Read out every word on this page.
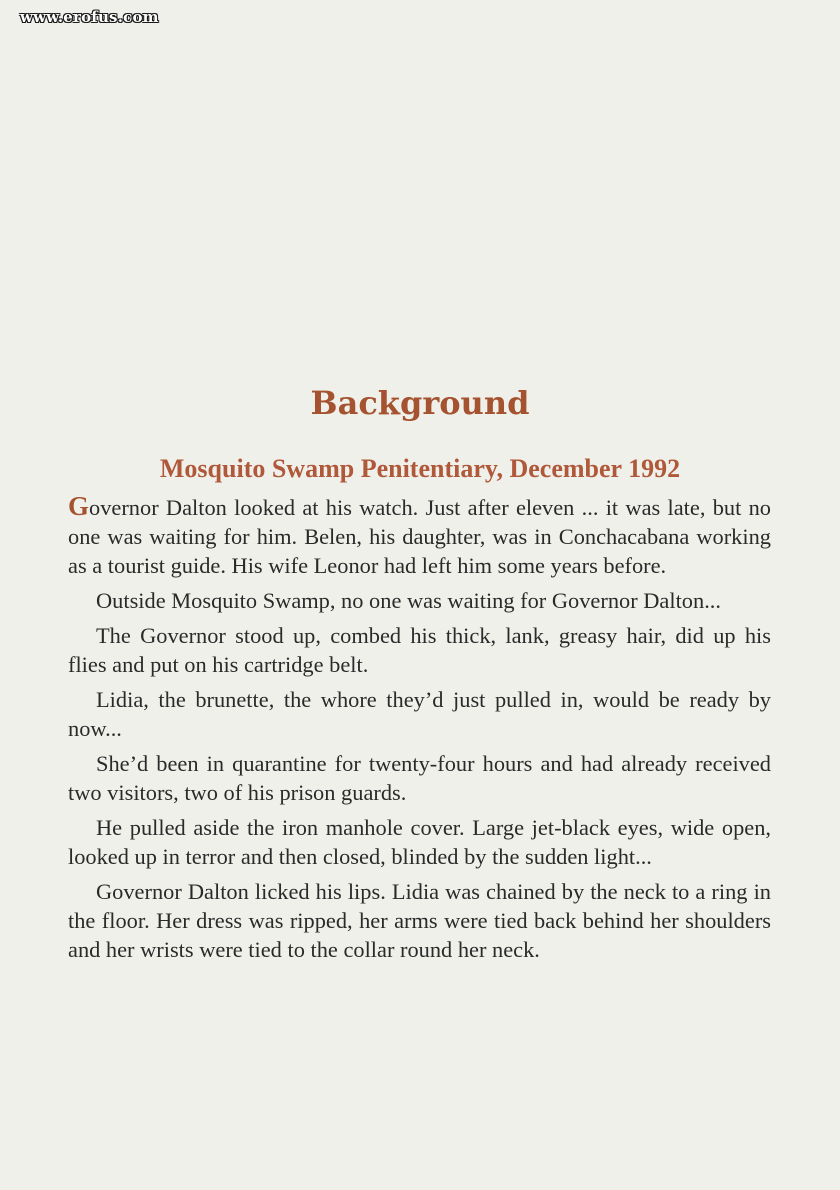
www.erofus.com
Background
Mosquito Swamp Penitentiary, December 1992

Governor Dalton looked at his watch. Just after eleven ... it was late, but no one was waiting for him. Belen, his daughter, was in Conchacabana working as a tourist guide. His wife Leonor had left him some years before.

Outside Mosquito Swamp, no one was waiting for Governor Dalton...

The Governor stood up, combed his thick, lank, greasy hair, did up his flies and put on his cartridge belt.

Lidia, the brunette, the whore they’d just pulled in, would be ready by now...

She’d been in quarantine for twenty-four hours and had already received two visitors, two of his prison guards.

He pulled aside the iron manhole cover. Large jet-black eyes, wide open, looked up in terror and then closed, blinded by the sudden light...

Governor Dalton licked his lips. Lidia was chained by the neck to a ring in the floor. Her dress was ripped, her arms were tied back behind her shoulders and her wrists were tied to the collar round her neck.
